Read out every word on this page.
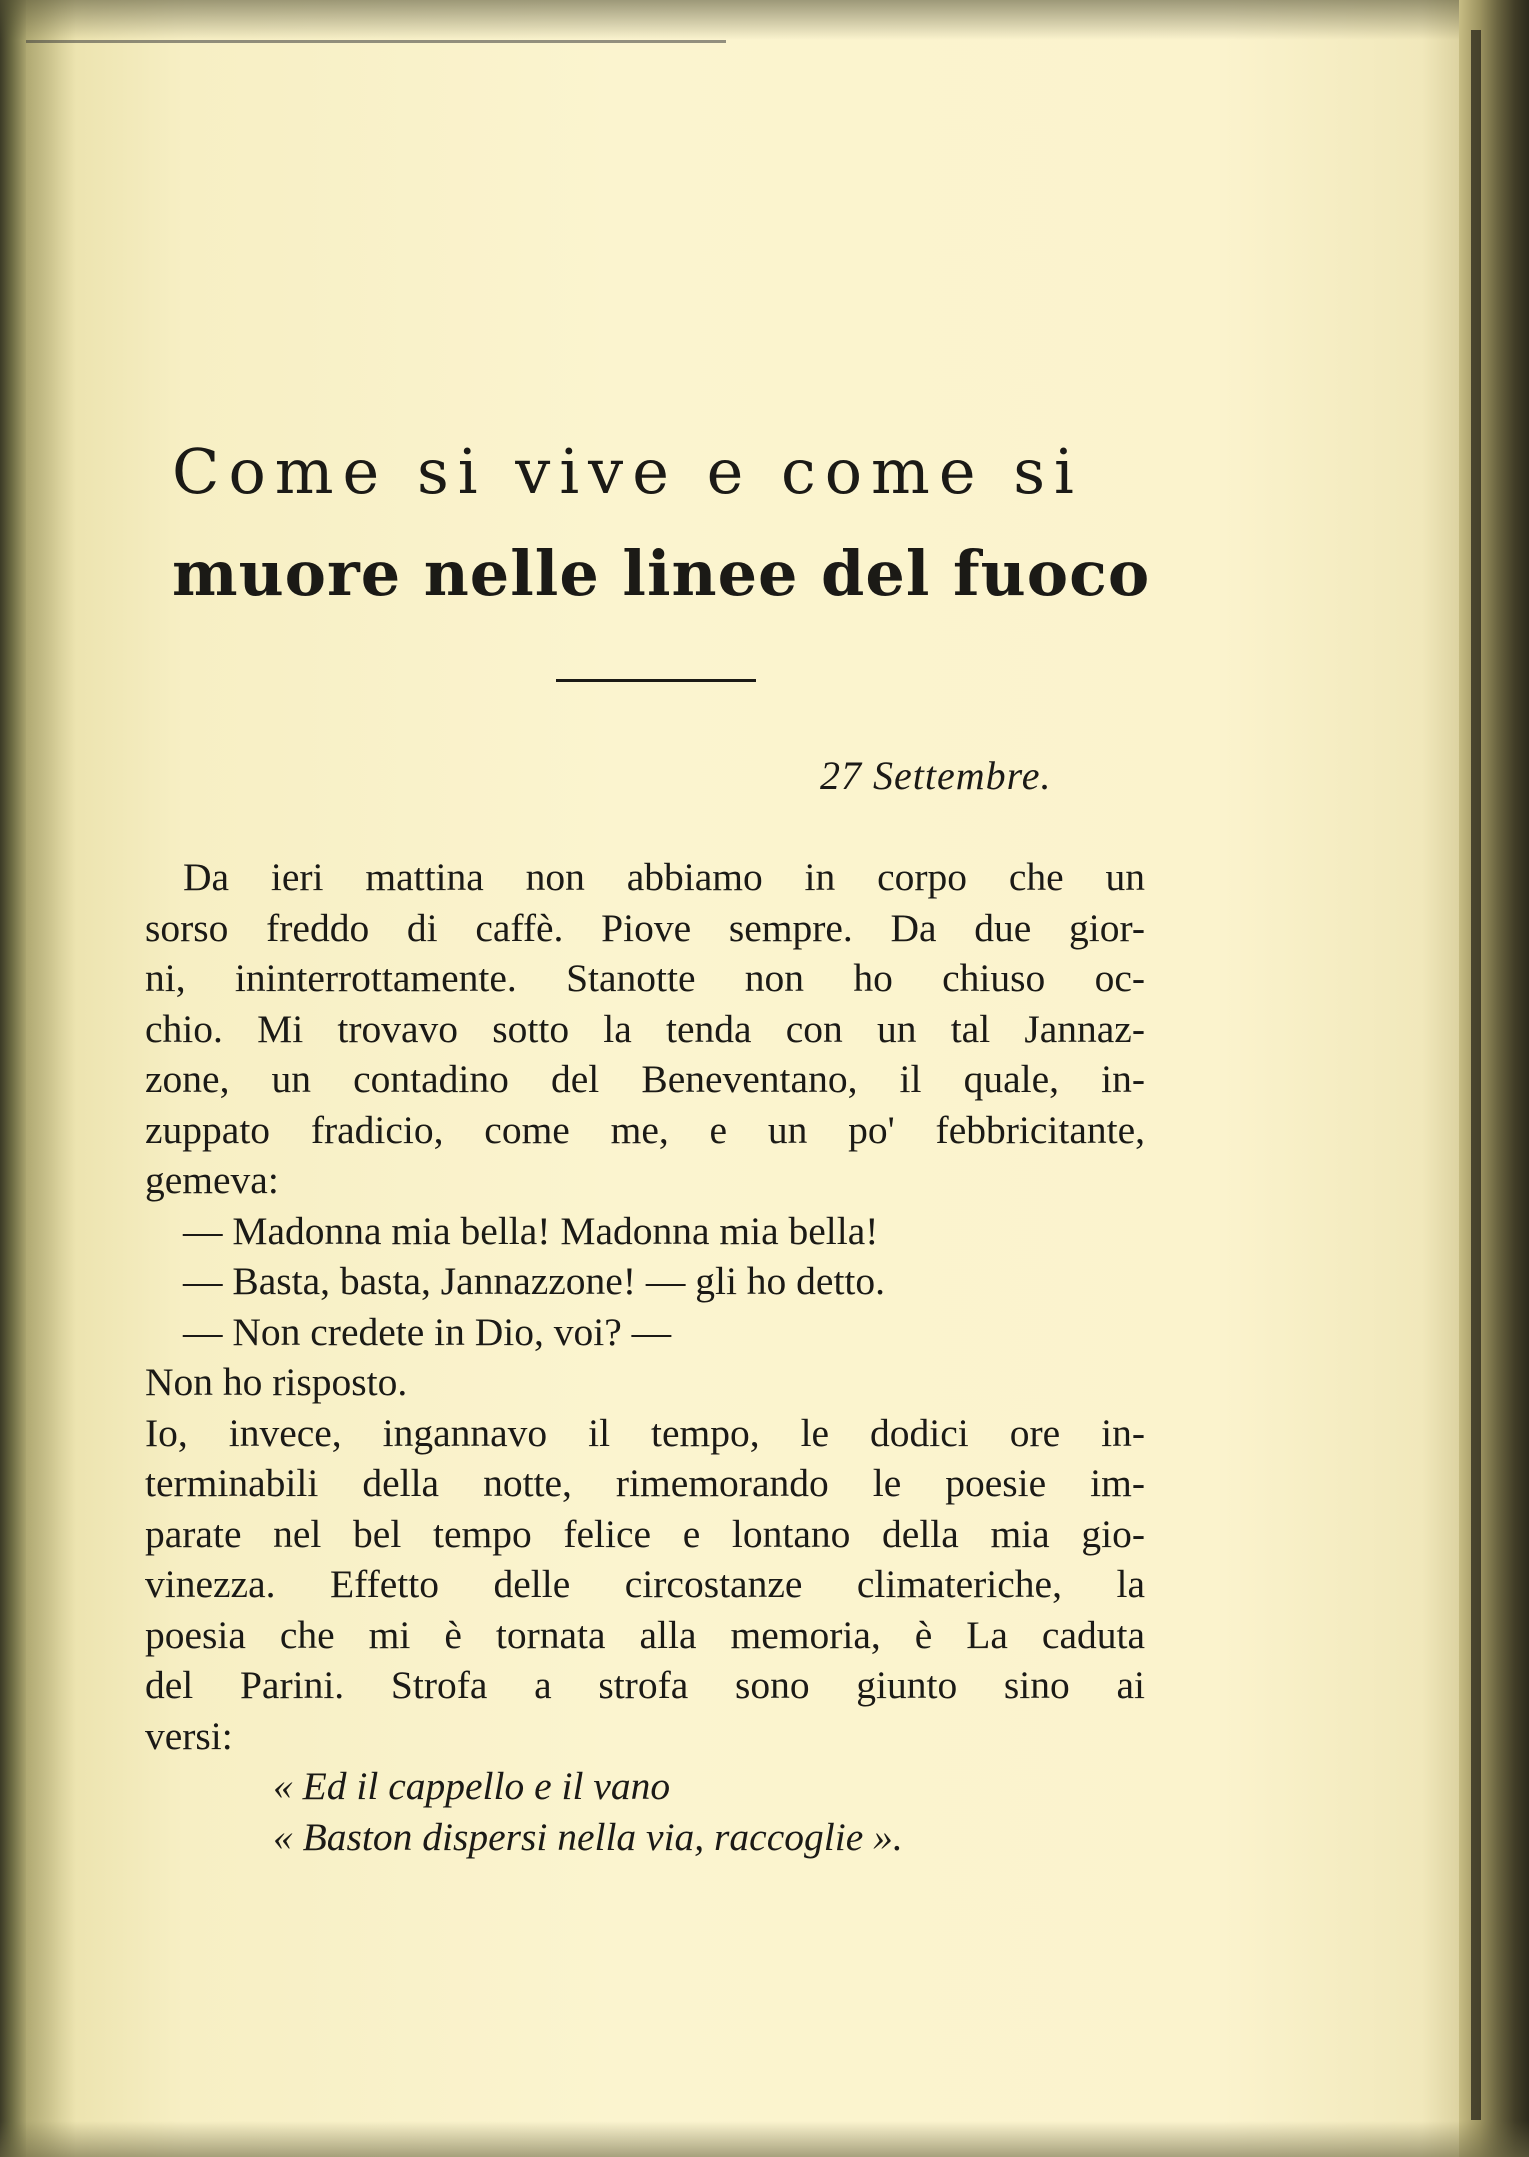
Come si vive e come si
muore nelle linee del fuoco
27 Settembre.
Da ieri mattina non abbiamo in corpo che un
sorso freddo di caffè. Piove sempre. Da due gior-
ni, ininterrottamente. Stanotte non ho chiuso oc-
chio. Mi trovavo sotto la tenda con un tal Jannaz-
zone, un contadino del Beneventano, il quale, in-
zuppato fradicio, come me, e un po' febbricitante,
gemeva:
— Madonna mia bella! Madonna mia bella!
— Basta, basta, Jannazzone! — gli ho detto.
— Non credete in Dio, voi? —
Non ho risposto.
Io, invece, ingannavo il tempo, le dodici ore in-
terminabili della notte, rimemorando le poesie im-
parate nel bel tempo felice e lontano della mia gio-
vinezza. Effetto delle circostanze climateriche, la
poesia che mi è tornata alla memoria, è La caduta
del Parini. Strofa a strofa sono giunto sino ai
versi:
« Ed il cappello e il vano
« Baston dispersi nella via, raccoglie ».
